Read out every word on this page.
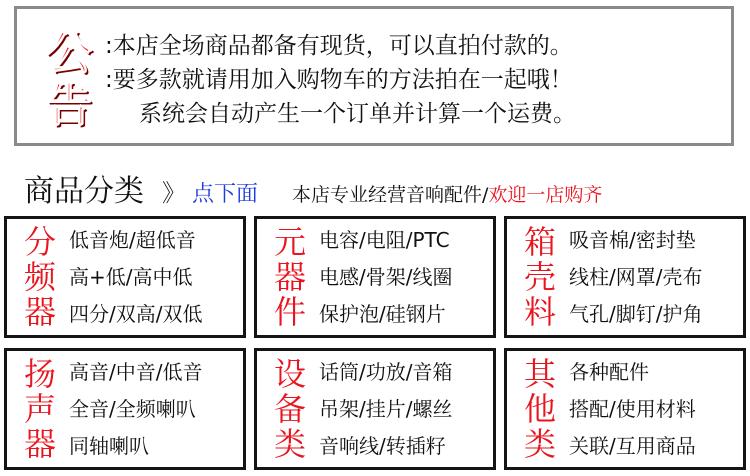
公
告
:本店全场商品都备有现货，可以直拍付款的。
:要多款就请用加入购物车的方法拍在一起哦！
系统会自动产生一个订单并计算一个运费。
商品分类 》 点下面 本店专业经营音响配件/ 欢迎一店购齐
分
频
器
低音炮/超低音
高+低/高中低
四分/双高/双低
元
器
件
电容/电阻/PTC
电感/骨架/线圈
保护泡/硅钢片
箱
壳
料
吸音棉/密封垫
线柱/网罩/壳布
气孔/脚钉/护角
扬
声
器
高音/中音/低音
全音/全频喇叭
同轴喇叭
设
备
类
话筒/功放/音箱
吊架/挂片/螺丝
音响线/转插籽
其
他
类
各种配件
搭配/使用材料
关联/互用商品
